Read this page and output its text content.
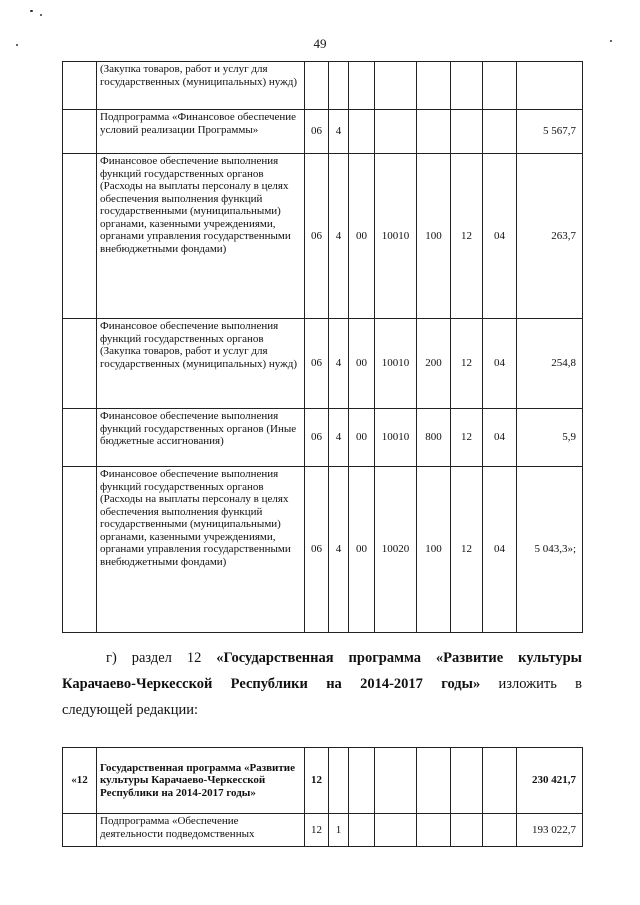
49
	(Закупка товаров, работ и услуг для государственных (муниципальных) нужд)								
	Подпрограмма «Финансовое обеспечение условий реализации Программы»	06	4						5 567,7
	Финансовое обеспечение выполнения функций государственных органов (Расходы на выплаты персоналу в целях обеспечения выполнения функций государственными (муниципальными) органами, казенными учреждениями, органами управления государственными внебюджетными фондами)	06	4	00	10010	100	12	04	263,7
	Финансовое обеспечение выполнения функций государственных органов (Закупка товаров, работ и услуг для государственных (муниципальных) нужд)	06	4	00	10010	200	12	04	254,8
	Финансовое обеспечение выполнения функций государственных органов (Иные бюджетные ассигнования)	06	4	00	10010	800	12	04	5,9
	Финансовое обеспечение выполнения функций государственных органов (Расходы на выплаты персоналу в целях обеспечения выполнения функций государственными (муниципальными) органами, казенными учреждениями, органами управления государственными внебюджетными фондами)	06	4	00	10020	100	12	04	5 043,3»;
г) раздел 12 «Государственная программа «Развитие культуры
Карачаево-Черкесской Республики на 2014-2017 годы» изложить в
следующей редакции:
«12	Государственная программа «Развитие культуры Карачаево-Черкесской Республики на 2014-2017 годы»	12							230 421,7
	Подпрограмма «Обеспечение деятельности подведомственных	12	1						193 022,7
